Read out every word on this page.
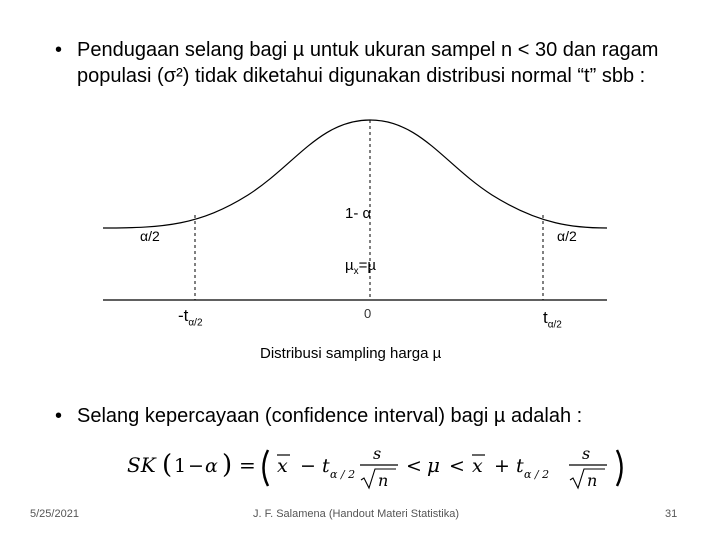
• Pendugaan selang bagi µ untuk ukuran sampel n < 30 dan ragam populasi (σ²) tidak diketahui digunakan distribusi normal “t” sbb :
α/2	α/2
1- α
µ$_x$=µ
$-t_{\alpha/2}$
0	$t_{\alpha/2}$
Distribusi sampling harga µ
• Selang kepercayaan (confidence interval) bagi µ adalah :
SK ( 1 − α ) = x − t α / 2
s
n
< μ < x + t α / 2
s
n
5/25/2021	J. F. Salamena (Handout Materi Statistika)	31
